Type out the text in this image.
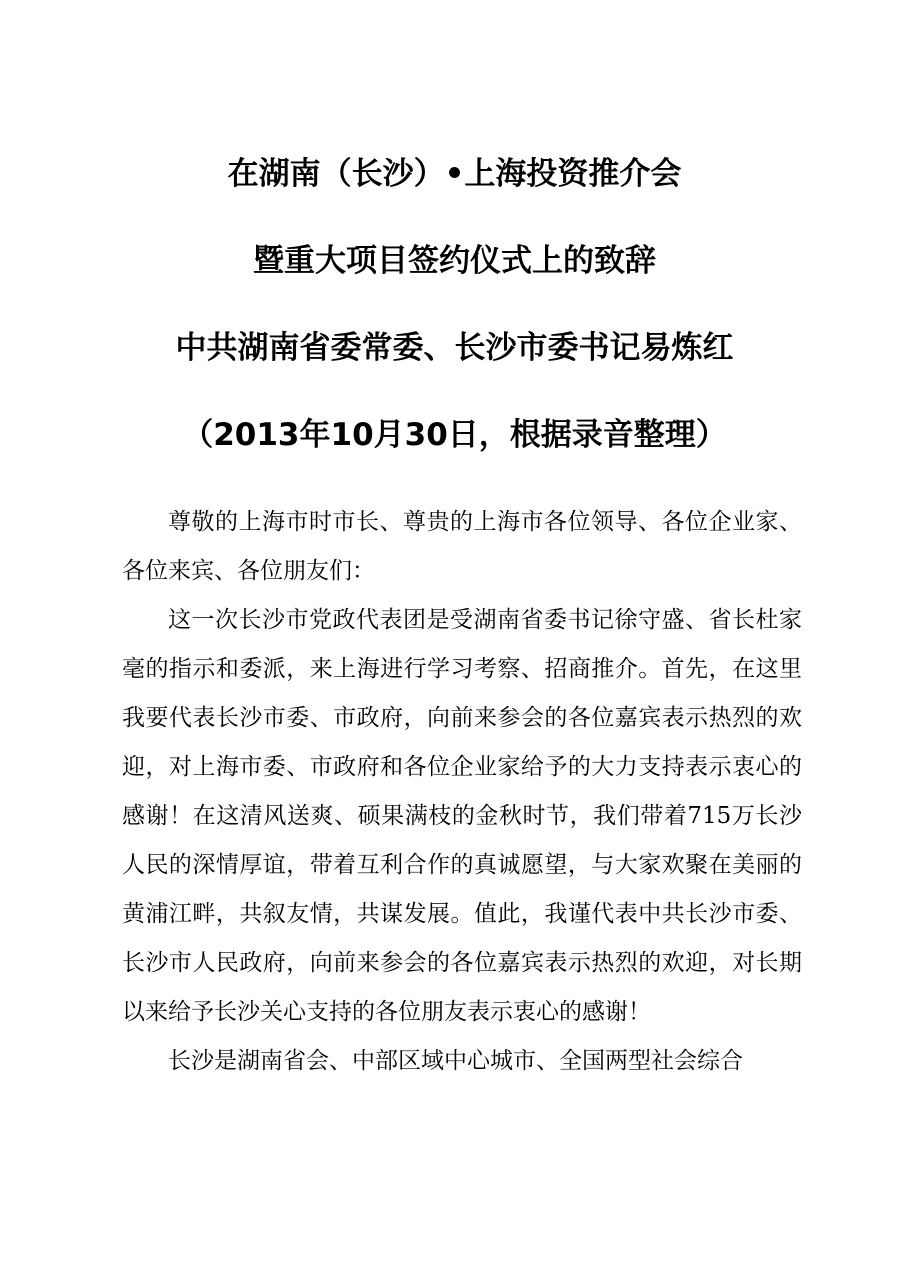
在湖南（长沙）•上海投资推介会

暨重大项目签约仪式上的致辞

中共湖南省委常委、长沙市委书记易炼红

（2013年10月30日，根据录音整理）

尊敬的上海市时市长、尊贵的上海市各位领导、各位企业家、各位来宾、各位朋友们：

这一次长沙市党政代表团是受湖南省委书记徐守盛、省长杜家毫的指示和委派，来上海进行学习考察、招商推介。首先，在这里我要代表长沙市委、市政府，向前来参会的各位嘉宾表示热烈的欢迎，对上海市委、市政府和各位企业家给予的大力支持表示衷心的感谢！在这清风送爽、硕果满枝的金秋时节，我们带着715万长沙人民的深情厚谊，带着互利合作的真诚愿望，与大家欢聚在美丽的黄浦江畔，共叙友情，共谋发展。值此，我谨代表中共长沙市委、长沙市人民政府，向前来参会的各位嘉宾表示热烈的欢迎，对长期以来给予长沙关心支持的各位朋友表示衷心的感谢！

长沙是湖南省会、中部区域中心城市、全国两型社会综合
